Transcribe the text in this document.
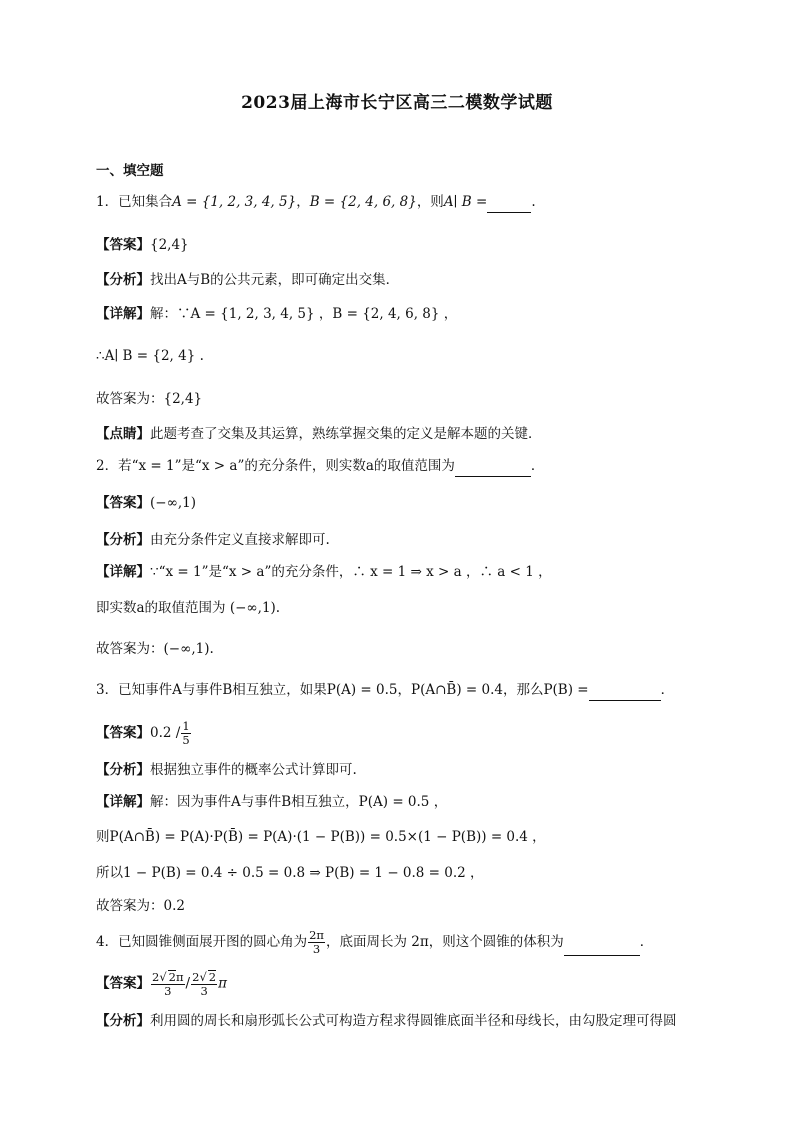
2023届上海市长宁区高三二模数学试题
一、填空题
1．已知集合A = {1, 2, 3, 4, 5}，B = {2, 4, 6, 8}，则A∣ B =	.
【答案】{2,4}
【分析】找出A与B的公共元素，即可确定出交集．
【详解】解：∵A = {1, 2, 3, 4, 5} ，B = {2, 4, 6, 8} ，
∴A∣ B = {2, 4} .
故答案为：{2,4}
【点睛】此题考查了交集及其运算，熟练掌握交集的定义是解本题的关键．
2．若“x = 1”是“x > a”的充分条件，则实数a的取值范围为	．
【答案】(−∞,1)
【分析】由充分条件定义直接求解即可.
【详解】∵“x = 1”是“x > a”的充分条件，∴ x = 1 ⇒ x > a ，∴ a < 1 ，
即实数a的取值范围为 (−∞,1).
故答案为：(−∞,1).
3．已知事件A与事件B相互独立，如果P(A) = 0.5，P(A∩B̄) = 0.4，那么P(B) =	．
【答案】$0.2 / \frac{1}{5}$
【分析】根据独立事件的概率公式计算即可.
【详解】解：因为事件A与事件B相互独立，P(A) = 0.5 ，
则P(A∩B̄) = P(A)·P(B̄) = P(A)·(1 − P(B)) = 0.5×(1 − P(B)) = 0.4 ，
所以1 − P(B) = 0.4 ÷ 0.5 = 0.8 ⇒ P(B) = 1 − 0.8 = 0.2 ，
故答案为：0.2
4．已知圆锥侧面展开图的圆心角为 $\frac{2\pi}{3}$ ，底面周长为 2π，则这个圆锥的体积为	．
【答案】 $\frac{2√ 2\pi}{3} / \frac{2√ 2}{3}$ π
【分析】利用圆的周长和扇形弧长公式可构造方程求得圆锥底面半径和母线长，由勾股定理可得圆
